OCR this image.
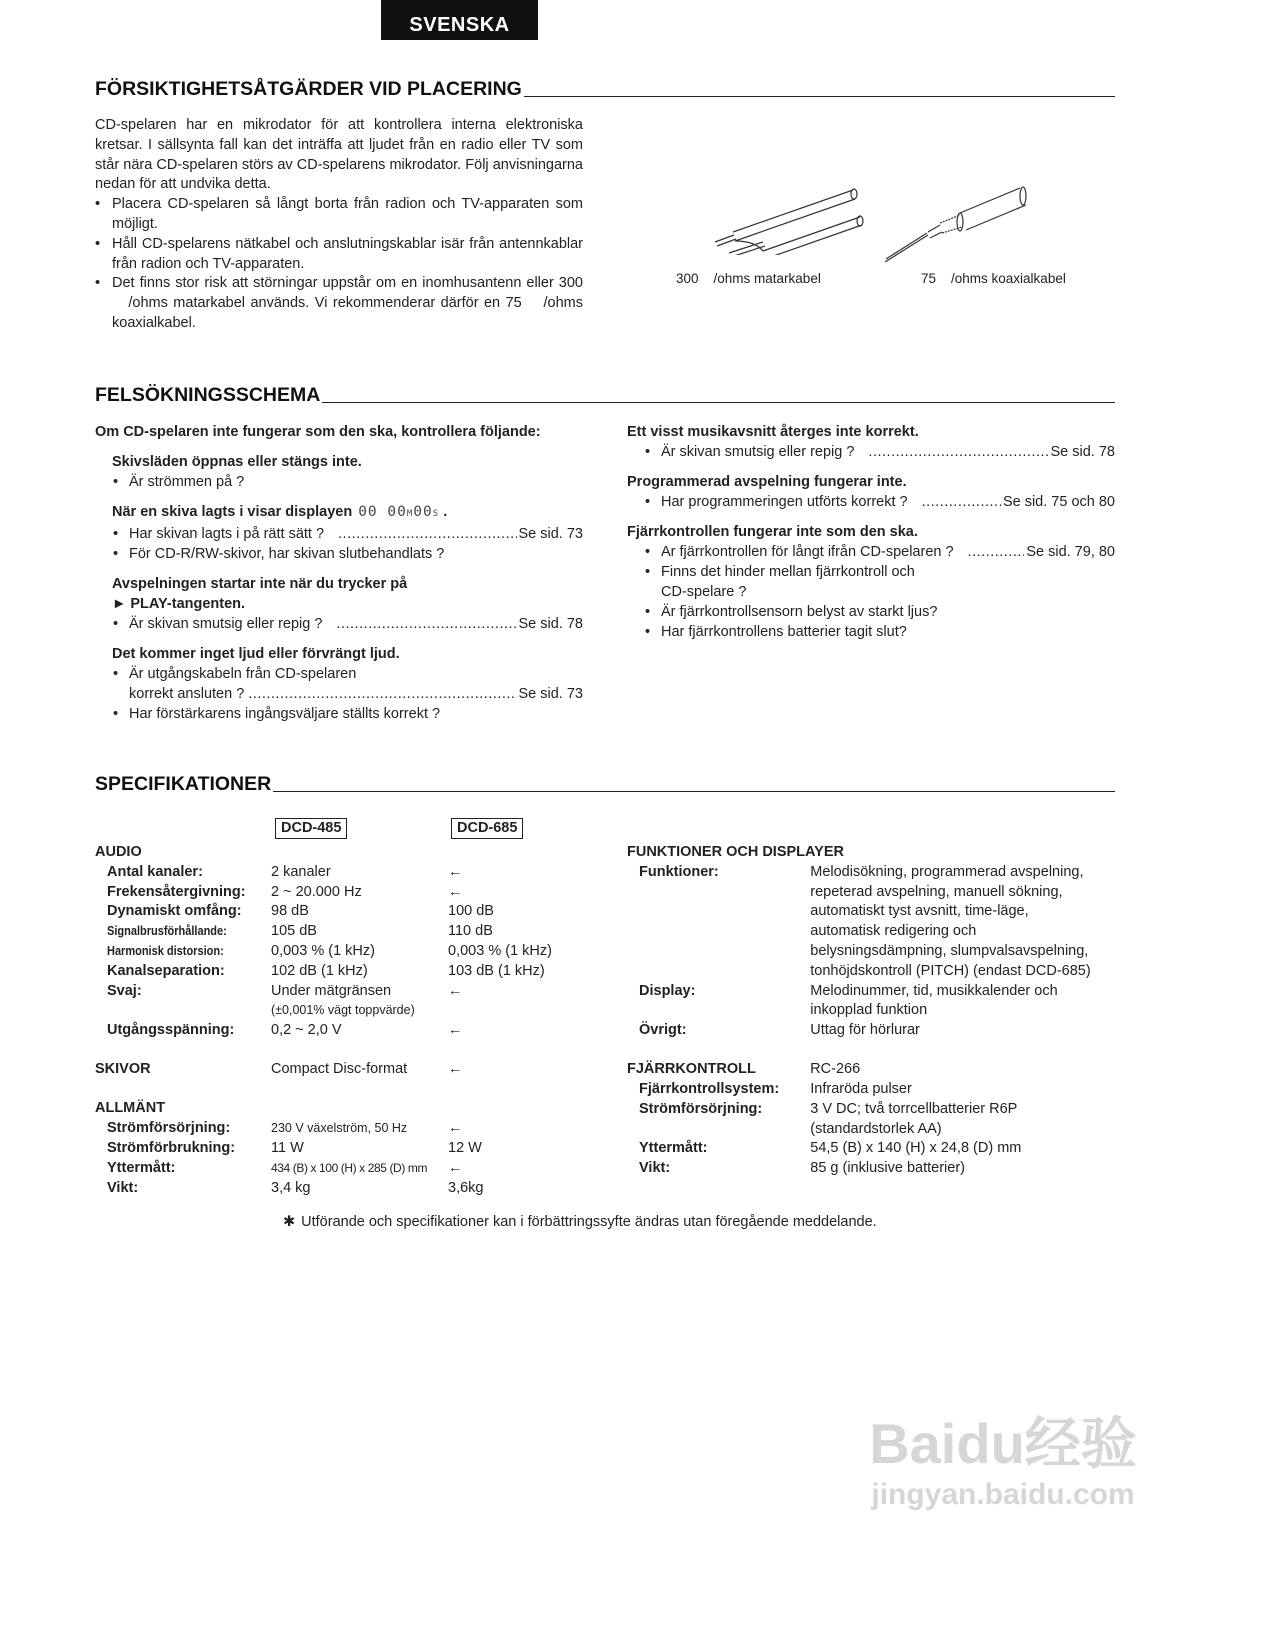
SVENSKA
FÖRSIKTIGHETSÅTGÄRDER VID PLACERING
CD-spelaren har en mikrodator för att kontrollera interna elektroniska kretsar. I sällsynta fall kan det inträffa att ljudet från en radio eller TV som står nära CD-spelaren störs av CD-spelarens mikrodator. Följ anvisningarna nedan för att undvika detta.
• Placera CD-spelaren så långt borta från radion och TV-apparaten som möjligt.
• Håll CD-spelarens nätkabel och anslutningskablar isär från antennkablar från radion och TV-apparaten.
• Det finns stor risk att störningar uppstår om en inomhusantenn eller 300    /ohms matarkabel används. Vi rekommenderar därför en 75    /ohms koaxialkabel.
300    /ohms matarkabel	75    /ohms koaxialkabel
FELSÖKNINGSSCHEMA
Om CD-spelaren inte fungerar som den ska, kontrollera följande:
Skivsläden öppnas eller stängs inte.
• Är strömmen på ?
När en skiva lagts i visar displayen 00 00M00S .
• Har skivan lagts i på rätt sätt ? .....	Se sid. 73
• För CD-R/RW-skivor, har skivan slutbehandlats ?
Avspelningen startar inte när du trycker på
► PLAY-tangenten.
• Är skivan smutsig eller repig ? .....	Se sid. 78
Det kommer inget ljud eller förvrängt ljud.
• Är utgångskabeln från CD-spelaren
korrekt ansluten ? .....	Se sid. 73
• Har förstärkarens ingångsväljare ställts korrekt ?
Ett visst musikavsnitt återges inte korrekt.
• Är skivan smutsig eller repig ? .....	Se sid. 78
Programmerad avspelning fungerar inte.
• Har programmeringen utförts korrekt ? .....	Se sid. 75 och 80
Fjärrkontrollen fungerar inte som den ska.
• Ar fjärrkontrollen för långt ifrån CD-spelaren ? .....	Se sid. 79, 80
• Finns det hinder mellan fjärrkontroll och
CD-spelare ?
• Är fjärrkontrollsensorn belyst av starkt ljus?
• Har fjärrkontrollens batterier tagit slut?
SPECIFIKATIONER
DCD-485	DCD-685
AUDIO
Antal kanaler:	2 kanaler	←
Frekensåtergivning:	2 ~ 20.000 Hz	←
Dynamiskt omfång:	98 dB	100 dB
Signalbrusförhållande:	105 dB	110 dB
Harmonisk distorsion:	0,003 % (1 kHz)	0,003 % (1 kHz)
Kanalseparation:	102 dB (1 kHz)	103 dB (1 kHz)
Svaj:	Under mätgränsen	←
(±0,001% vägt toppvärde)
Utgångsspänning:	0,2 ~ 2,0 V	←
SKIVOR	Compact Disc-format	←
ALLMÄNT
Strömförsörjning:	230 V växelström, 50 Hz	←
Strömförbrukning:	11 W	12 W
Yttermått:	434 (B) x 100 (H) x 285 (D) mm	←
Vikt:	3,4 kg	3,6kg
FUNKTIONER OCH DISPLAYER
Funktioner:	Melodisökning, programmerad avspelning,
repeterad avspelning, manuell sökning,
automatiskt tyst avsnitt, time-läge,
automatisk redigering och
belysningsdämpning, slumpvalsavspelning,
tonhöjdskontroll (PITCH) (endast DCD-685)
Display:	Melodinummer, tid, musikkalender och
inkopplad funktion
Övrigt:	Uttag för hörlurar
FJÄRRKONTROLL	RC-266
Fjärrkontrollsystem:	Infraröda pulser
Strömförsörjning:	3 V DC; två torrcellbatterier R6P
(standardstorlek AA)
Yttermått:	54,5 (B) x 140 (H) x 24,8 (D) mm
Vikt:	85 g (inklusive batterier)
✱ Utförande och specifikationer kan i förbättringssyfte ändras utan föregående meddelande.
Baidu经验
jingyan.baidu.com
